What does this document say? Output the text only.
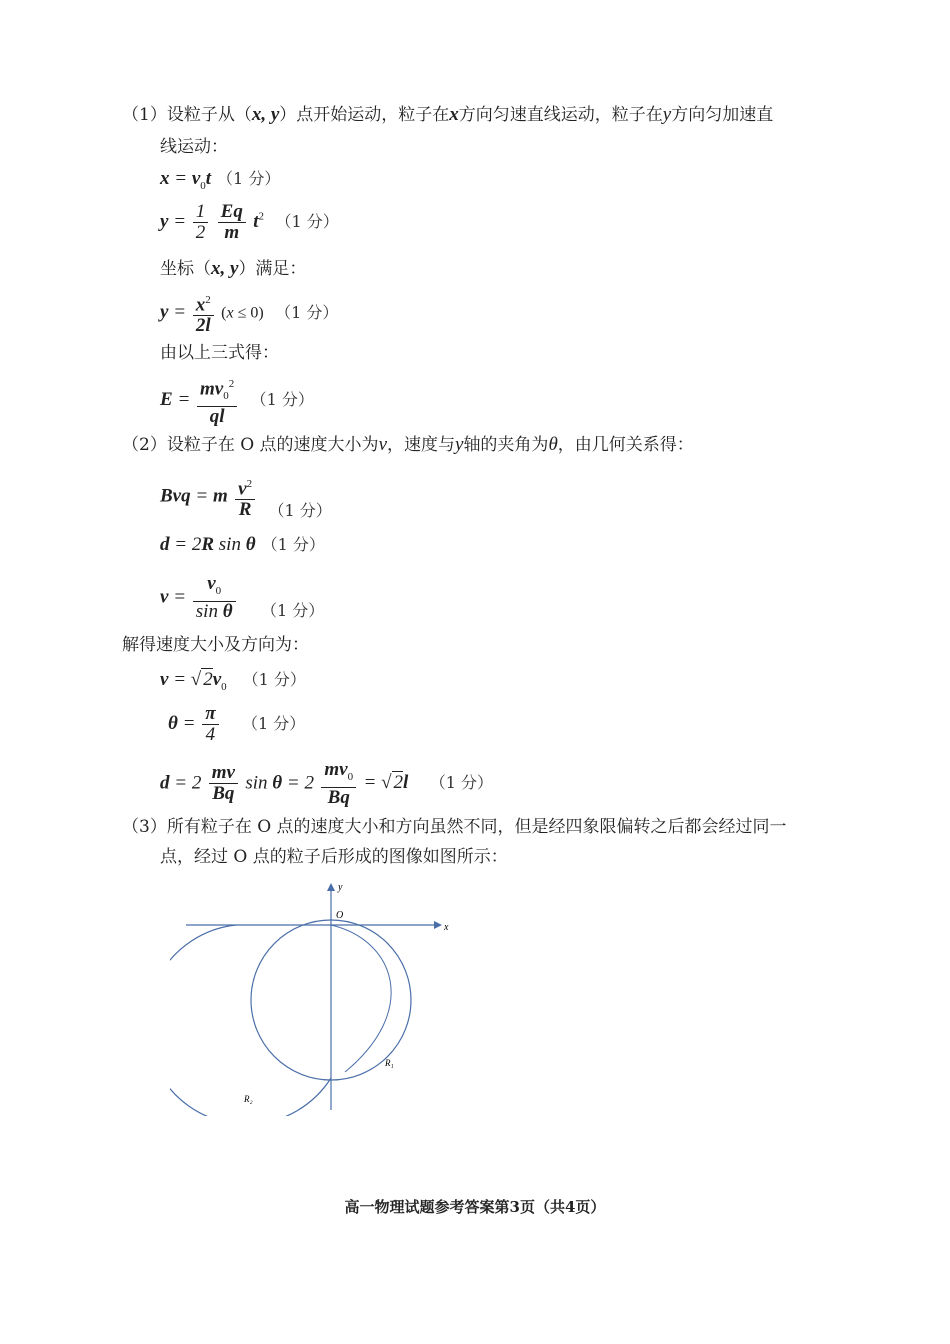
（1）设粒子从（x, y）点开始运动，粒子在x方向匀速直线运动，粒子在y方向匀加速直
线运动：
$x = v_0t$ （1 分）
$y = \frac{1}{2}$
$\frac{Eq}{m} t^2$ （1 分）
坐标（x, y）满足：
$y = \frac{x^2}{2l} (x \le 0)$ （1 分）
由以上三式得：
$E = \frac{mv_0^2}{ql} (1$ 分）
（2）设粒子在 O 点的速度大小为v，速度与y轴的夹角为θ，由几何关系得：
Bvq = m $\frac{v^2}{R} (1$ 分）
d = 2R sin θ （1 分）
$v = \frac{v_0}{\text{sin θ}} (1$ 分）
解得速度大小及方向为：
v = √ $2v_0$ （1 分）
$\theta = \frac{\pi}{4} (1$ 分）
$d = 2 \frac{mv}{Bq}$ $\sin \theta = 2 \frac{mv_0}{Bq}$ = √ 2l （1 分）
（3）所有粒子在 O 点的速度大小和方向虽然不同，但是经四象限偏转之后都会经过同一
点，经过 O 点的粒子后形成的图像如图所示：
O
y
x
R₁
R₂
高一物理试题参考答案第3页（共4页）
